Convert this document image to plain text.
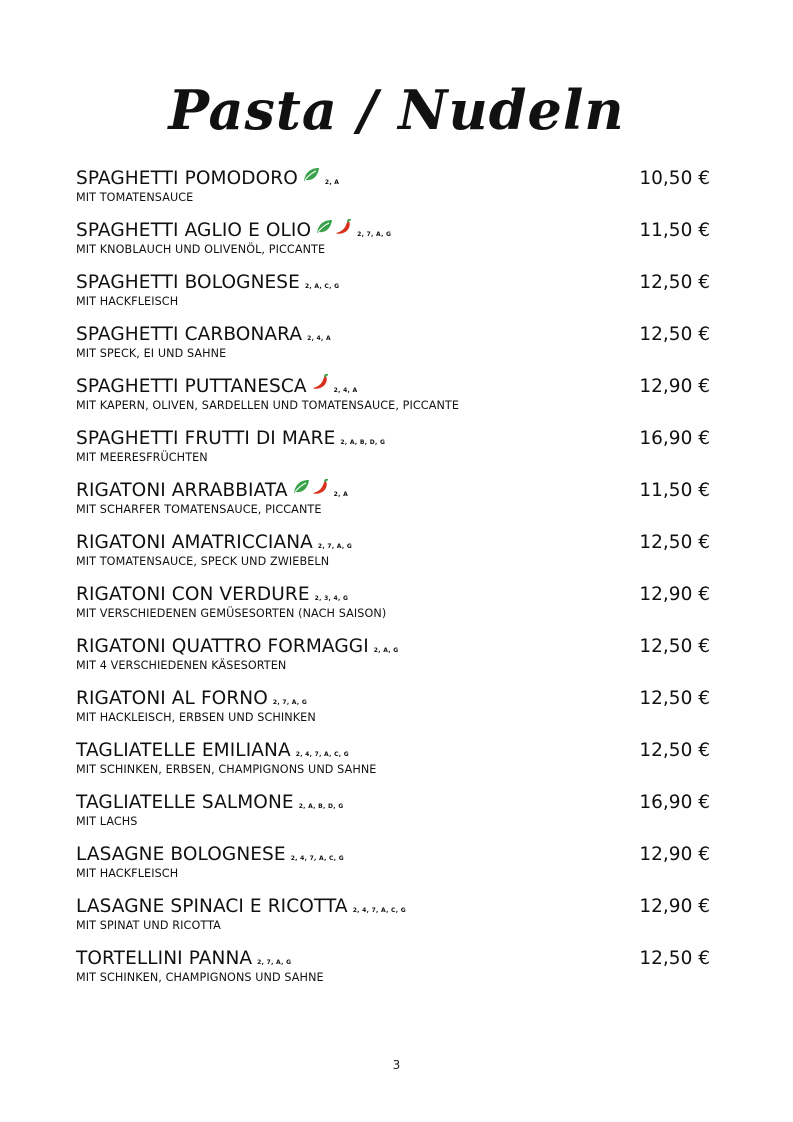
Pasta / Nudeln
SPAGHETTI POMODORO	2, A
MIT TOMATENSAUCE
10,50 €
SPAGHETTI AGLIO E OLIO	2, 7, A, G
MIT KNOBLAUCH UND OLIVENÖL, PICCANTE
11,50 €
SPAGHETTI BOLOGNESE 2, A, C, G
MIT HACKFLEISCH
12,50 €
SPAGHETTI CARBONARA 2, 4, A
MIT SPECK, EI UND SAHNE
12,50 €
SPAGHETTI PUTTANESCA	2, 4, A
MIT KAPERN, OLIVEN, SARDELLEN UND TOMATENSAUCE, PICCANTE
12,90 €
SPAGHETTI FRUTTI DI MARE 2, A, B, D, G
MIT MEERESFRÜCHTEN
16,90 €
RIGATONI ARRABBIATA	2, A
MIT SCHARFER TOMATENSAUCE, PICCANTE
11,50 €
RIGATONI AMATRICCIANA 2, 7, A, G
MIT TOMATENSAUCE, SPECK UND ZWIEBELN
12,50 €
RIGATONI CON VERDURE 2, 3, 4, G
MIT VERSCHIEDENEN GEMÜSESORTEN (NACH SAISON)
12,90 €
RIGATONI QUATTRO FORMAGGI 2, A, G
MIT 4 VERSCHIEDENEN KÄSESORTEN
12,50 €
RIGATONI AL FORNO 2, 7, A, G
MIT HACKLEISCH, ERBSEN UND SCHINKEN
12,50 €
TAGLIATELLE EMILIANA 2, 4, 7, A, C, G
MIT SCHINKEN, ERBSEN, CHAMPIGNONS UND SAHNE
12,50 €
TAGLIATELLE SALMONE 2, A, B, D, G
MIT LACHS
16,90 €
LASAGNE BOLOGNESE 2, 4, 7, A, C, G
MIT HACKFLEISCH
12,90 €
LASAGNE SPINACI E RICOTTA 2, 4, 7, A, C, G
MIT SPINAT UND RICOTTA
12,90 €
TORTELLINI PANNA 2, 7, A, G
MIT SCHINKEN, CHAMPIGNONS UND SAHNE
12,50 €
3
